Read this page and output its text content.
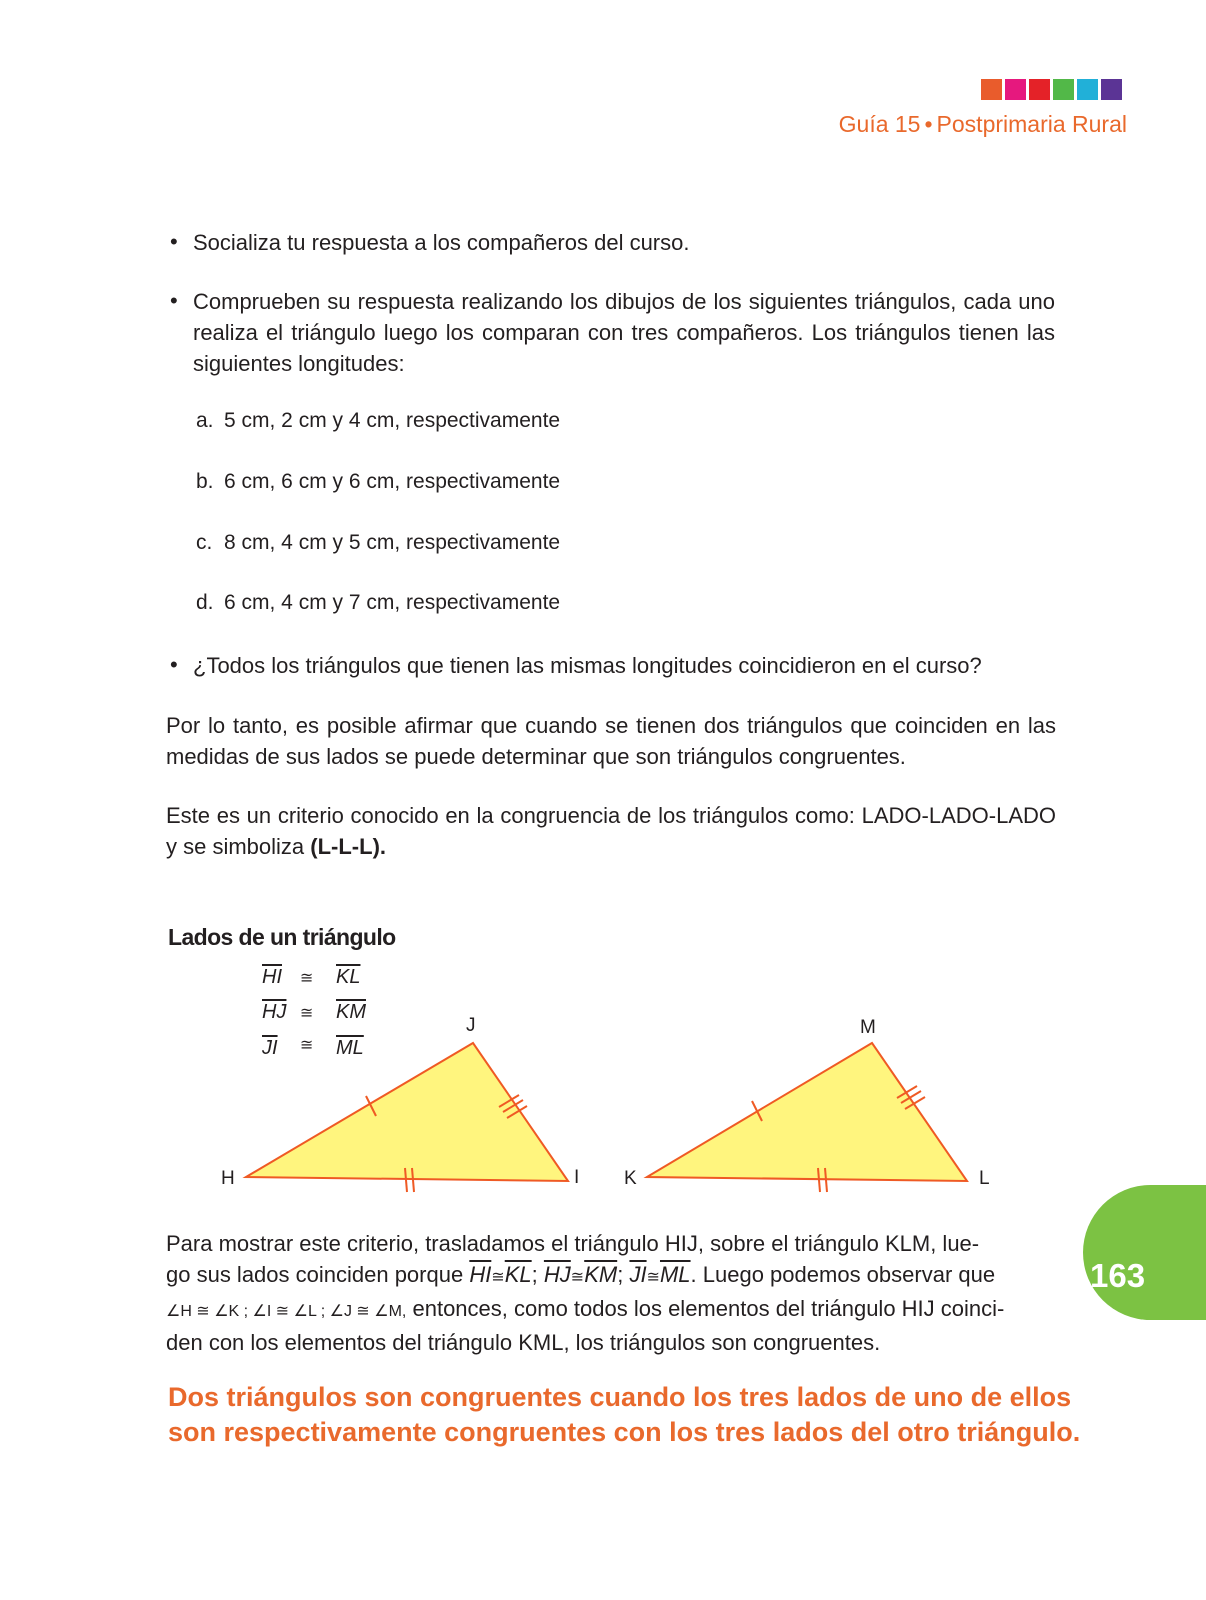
Guía 15 • Postprimaria Rural
• Socializa tu respuesta a los compañeros del curso.
• Comprueben su respuesta realizando los dibujos de los siguientes triángulos, cada uno realiza el triángulo luego los comparan con tres compañeros. Los triángulos tienen las siguientes longitudes:
a. 5 cm, 2 cm y 4 cm, respectivamente
b. 6 cm, 6 cm y 6 cm, respectivamente
c. 8 cm, 4 cm y 5 cm, respectivamente
d. 6 cm, 4 cm y 7 cm, respectivamente
• ¿Todos los triángulos que tienen las mismas longitudes coincidieron en el curso?
Por lo tanto, es posible afirmar que cuando se tienen dos triángulos que coinciden en las medidas de sus lados se puede determinar que son triángulos congruentes.
Este es un criterio conocido en la congruencia de los triángulos como: LADO-LADO-LADO y se simboliza (L-L-L).
Lados de un triángulo
$\overline{HI}$ ≅ $\overline{KL}$
$\overline{HJ}$ ≅ $\overline{KM}$
$\overline{JI}$ ≅ $\overline{ML}$
H
J
I K
M
L
Para mostrar este criterio, trasladamos el triángulo HIJ, sobre el triángulo KLM, lue-
go sus lados coinciden porque $\overline{HI}≅\overline{KL}$; $\overline{HJ}≅\overline{KM}$; $\overline{JI}≅\overline{ML}$. Luego podemos observar que
∠H ≅ ∠K ; ∠I ≅ ∠L ; ∠J ≅ ∠M, entonces, como todos los elementos del triángulo HIJ coinci-
den con los elementos del triángulo KML, los triángulos son congruentes.
Dos triángulos son congruentes cuando los tres lados de uno de ellos son respectivamente congruentes con los tres lados del otro triángulo.
163
